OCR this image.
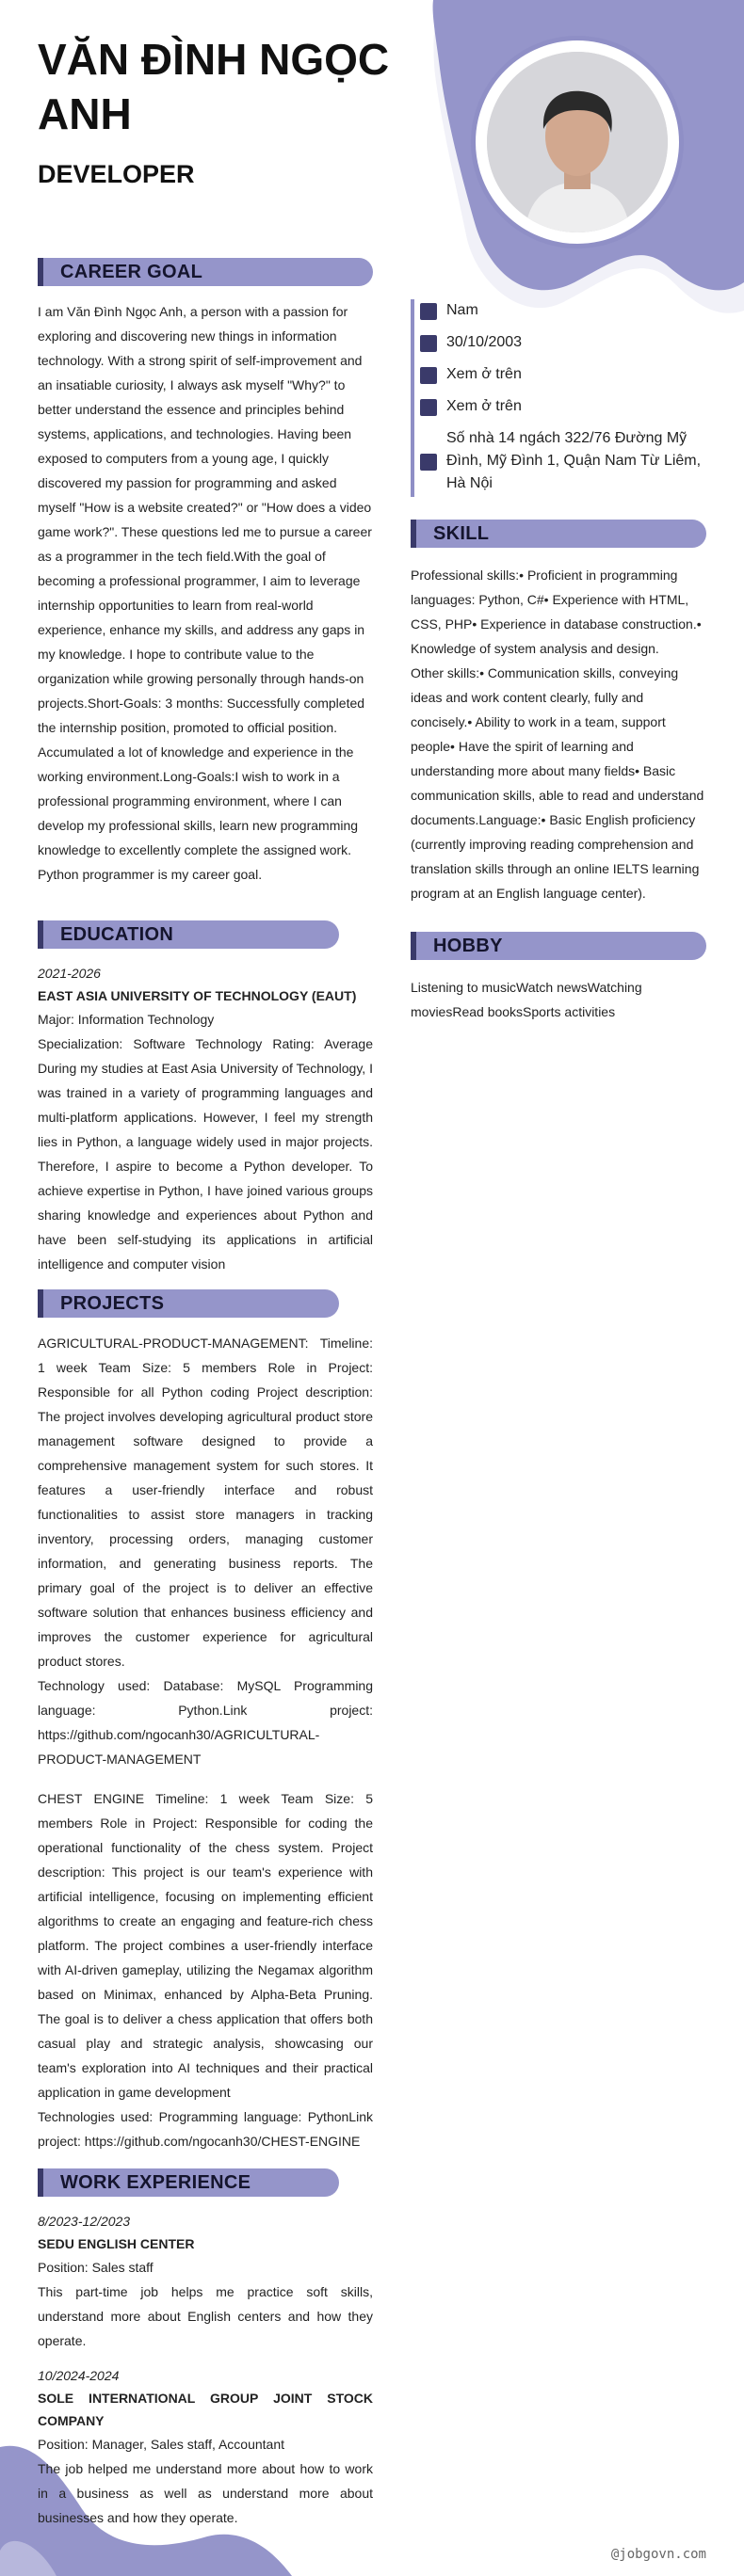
VĂN ĐÌNH NGỌC ANH
DEVELOPER
CAREER GOAL
I am Văn Đình Ngọc Anh, a person with a passion for exploring and discovering new things in information technology. With a strong spirit of self-improvement and an insatiable curiosity, I always ask myself "Why?" to better understand the essence and principles behind systems, applications, and technologies. Having been exposed to computers from a young age, I quickly discovered my passion for programming and asked myself "How is a website created?" or "How does a video game work?". These questions led me to pursue a career as a programmer in the tech field.With the goal of becoming a professional programmer, I aim to leverage internship opportunities to learn from real-world experience, enhance my skills, and address any gaps in my knowledge. I hope to contribute value to the organization while growing personally through hands-on projects.Short-Goals: 3 months: Successfully completed the internship position, promoted to official position. Accumulated a lot of knowledge and experience in the working environment.Long-Goals:I wish to work in a professional programming environment, where I can develop my professional skills, learn new programming knowledge to excellently complete the assigned work. Python programmer is my career goal.
EDUCATION
2021-2026
EAST ASIA UNIVERSITY OF TECHNOLOGY (EAUT)
Major: Information Technology
Specialization: Software Technology Rating: Average During my studies at East Asia University of Technology, I was trained in a variety of programming languages and multi-platform applications. However, I feel my strength lies in Python, a language widely used in major projects. Therefore, I aspire to become a Python developer. To achieve expertise in Python, I have joined various groups sharing knowledge and experiences about Python and have been self-studying its applications in artificial intelligence and computer vision
PROJECTS
AGRICULTURAL-PRODUCT-MANAGEMENT: Timeline: 1 week Team Size: 5 members Role in Project: Responsible for all Python coding Project description: The project involves developing agricultural product store management software designed to provide a comprehensive management system for such stores. It features a user-friendly interface and robust functionalities to assist store managers in tracking inventory, processing orders, managing customer information, and generating business reports. The primary goal of the project is to deliver an effective software solution that enhances business efficiency and improves the customer experience for agricultural product stores.
Technology used: Database: MySQL Programming language: Python.Link project: https://github.com/ngocanh30/AGRICULTURAL-PRODUCT-MANAGEMENT
CHEST ENGINE Timeline: 1 week Team Size: 5 members Role in Project: Responsible for coding the operational functionality of the chess system. Project description: This project is our team's experience with artificial intelligence, focusing on implementing efficient algorithms to create an engaging and feature-rich chess platform. The project combines a user-friendly interface with AI-driven gameplay, utilizing the Negamax algorithm based on Minimax, enhanced by Alpha-Beta Pruning. The goal is to deliver a chess application that offers both casual play and strategic analysis, showcasing our team's exploration into AI techniques and their practical application in game development
Technologies used: Programming language: PythonLink project: https://github.com/ngocanh30/CHEST-ENGINE
WORK EXPERIENCE
8/2023-12/2023
SEDU ENGLISH CENTER
Position: Sales staff
This part-time job helps me practice soft skills, understand more about English centers and how they operate.
10/2024-2024
SOLE INTERNATIONAL GROUP JOINT STOCK COMPANY
Position: Manager, Sales staff, Accountant
The job helped me understand more about how to work in a business as well as understand more about businesses and how they operate.
Nam
30/10/2003
Xem ở trên
Xem ở trên
Số nhà 14 ngách 322/76 Đường Mỹ Đình, Mỹ Đình 1, Quận Nam Từ Liêm, Hà Nội
SKILL
Professional skills:• Proficient in programming languages: Python, C#• Experience with HTML, CSS, PHP• Experience in database construction.• Knowledge of system analysis and design.
Other skills:• Communication skills, conveying ideas and work content clearly, fully and concisely.• Ability to work in a team, support people• Have the spirit of learning and understanding more about many fields• Basic communication skills, able to read and understand documents.Language:• Basic English proficiency (currently improving reading comprehension and translation skills through an online IELTS learning program at an English language center).
HOBBY
Listening to musicWatch newsWatching moviesRead booksSports activities
@jobgovn.com
